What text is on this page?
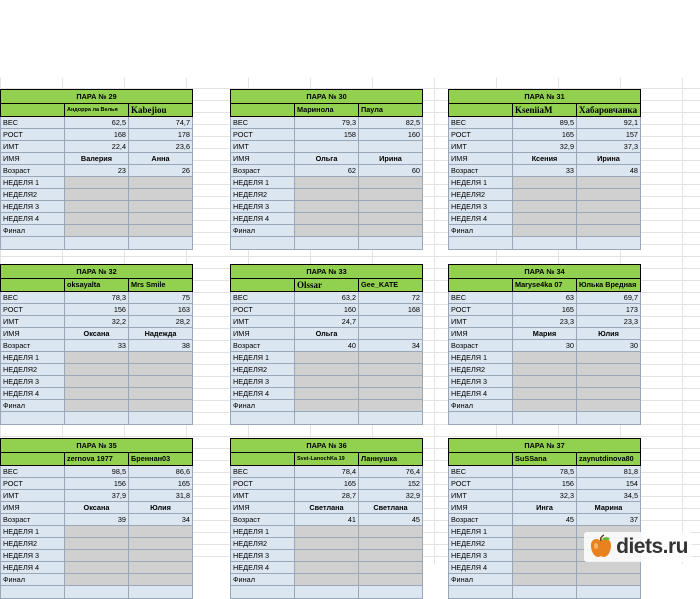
ПАРА № 29		
	Андорра ла Велья	Kabejiou
ВЕС	62,5	74,7
РОСТ	168	178
ИМТ	22,4	23,6
ИМЯ	Валерия	Анна
Возраст	23	26
НЕДЕЛЯ 1		
НЕДЕЛЯ2		
НЕДЕЛЯ 3		
НЕДЕЛЯ 4		
Финал		

ПАРА № 30		
	Маринола	Паула
ВЕС	79,3	82,5
РОСТ	158	160
ИМТ		
ИМЯ	Ольга	Ирина
Возраст	62	60
НЕДЕЛЯ 1		
НЕДЕЛЯ2		
НЕДЕЛЯ 3		
НЕДЕЛЯ 4		
Финал		

ПАРА № 31		
	KseniiaM	Хабаровчанка
ВЕС	89,5	92,1
РОСТ	165	157
ИМТ	32,9	37,3
ИМЯ	Ксения	Ирина
Возраст	33	48
НЕДЕЛЯ 1		
НЕДЕЛЯ2		
НЕДЕЛЯ 3		
НЕДЕЛЯ 4		
Финал		

ПАРА № 32		
	oksayalta	Mrs Smile
ВЕС	78,3	75
РОСТ	156	163
ИМТ	32,2	28,2
ИМЯ	Оксана	Надежда
Возраст	33	38
НЕДЕЛЯ 1		
НЕДЕЛЯ2		
НЕДЕЛЯ 3		
НЕДЕЛЯ 4		
Финал		

ПАРА № 33		
	Olssar	Gee_KATE
ВЕС	63,2	72
РОСТ	160	168
ИМТ	24,7	
ИМЯ	Ольга	
Возраст	40	34
НЕДЕЛЯ 1		
НЕДЕЛЯ2		
НЕДЕЛЯ 3		
НЕДЕЛЯ 4		
Финал		

ПАРА № 34		
	Maryse4ka 07	Юлька Вредная
ВЕС	63	69,7
РОСТ	165	173
ИМТ	23,3	23,3
ИМЯ	Мария	Юлия
Возраст	30	30
НЕДЕЛЯ 1		
НЕДЕЛЯ2		
НЕДЕЛЯ 3		
НЕДЕЛЯ 4		
Финал		

ПАРА № 35		
	zernova 1977	Бреннан03
ВЕС	98,5	86,6
РОСТ	156	165
ИМТ	37,9	31,8
ИМЯ	Оксана	Юлия
Возраст	39	34
НЕДЕЛЯ 1		
НЕДЕЛЯ2		
НЕДЕЛЯ 3		
НЕДЕЛЯ 4		
Финал		

ПАРА № 36		
	Svet-LanochKa 19	Ланнушка
ВЕС	78,4	76,4
РОСТ	165	152
ИМТ	28,7	32,9
ИМЯ	Светлана	Светлана
Возраст	41	45
НЕДЕЛЯ 1		
НЕДЕЛЯ2		
НЕДЕЛЯ 3		
НЕДЕЛЯ 4		
Финал		

ПАРА № 37		
	SuSSana	zaynutdinova80
ВЕС	78,5	81,8
РОСТ	156	154
ИМТ	32,3	34,5
ИМЯ	Инга	Марина
Возраст	45	37
НЕДЕЛЯ 1		
НЕДЕЛЯ2		
НЕДЕЛЯ 3		
НЕДЕЛЯ 4		
Финал		

diets.ru
